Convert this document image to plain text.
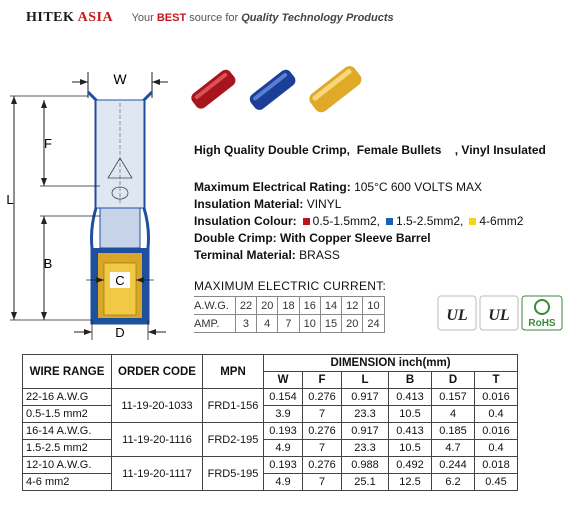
HITEK ASIA Your BEST source for Quality Technology Products
W
L
F
B
C
D
High Quality Double Crimp, Female Bullets , Vinyl Insulated
Maximum Electrical Rating: 105°C 600 VOLTS MAX
Insulation Material: VINYL
Insulation Colour: 0.5-1.5mm2, 1.5-2.5mm2, 4-6mm2
Double Crimp: With Copper Sleeve Barrel
Terminal Material: BRASS
MAXIMUM ELECTRIC CURRENT:
A.W.G.	22	20	18	16	14	12	10
AMP.	3	4	7	10	15	20	24	UL UL RoHS
WIRE RANGE	ORDER CODE	MPN	DIMENSION inch(mm)					
			W	F	L	B	D	T
22-16 A.W.G	11-19-20-1033	FRD1-156	0.154	0.276	0.917	0.413	0.157	0.016
0.5-1.5 mm2			3.9	7	23.3	10.5	4	0.4
16-14 A.W.G.	11-19-20-1116	FRD2-195	0.193	0.276	0.917	0.413	0.185	0.016
1.5-2.5 mm2			4.9	7	23.3	10.5	4.7	0.4
12-10 A.W.G.	11-19-20-1117	FRD5-195	0.193	0.276	0.988	0.492	0.244	0.018
4-6 mm2			4.9	7	25.1	12.5	6.2	0.45
